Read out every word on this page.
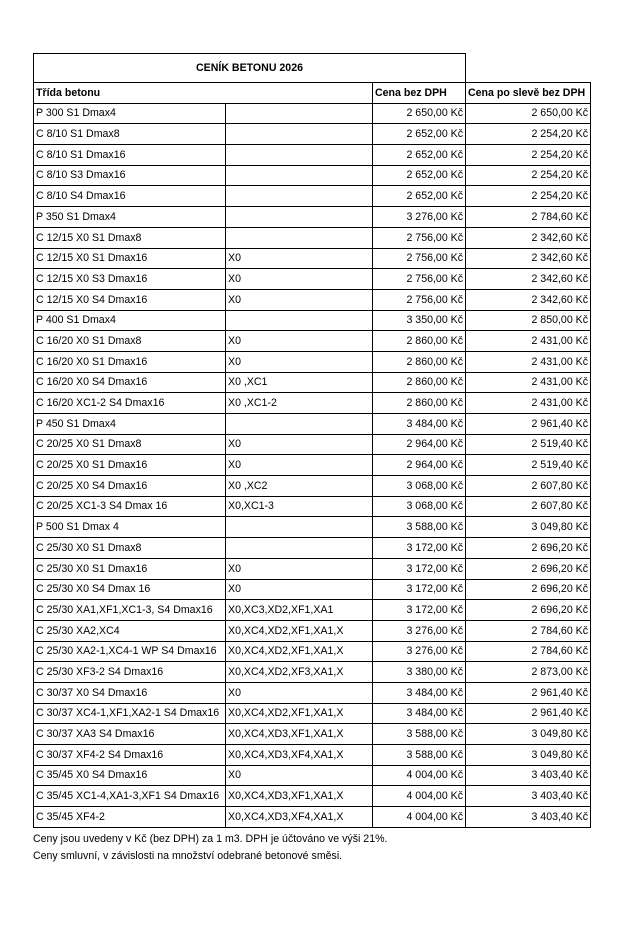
CENÍK BETONU 2026			
Třída betonu		Cena bez DPH	Cena po slevě bez DPH
P 300 S1 Dmax4		2 650,00 Kč	2 650,00 Kč
C 8/10 S1 Dmax8		2 652,00 Kč	2 254,20 Kč
C 8/10 S1 Dmax16		2 652,00 Kč	2 254,20 Kč
C 8/10 S3 Dmax16		2 652,00 Kč	2 254,20 Kč
C 8/10 S4 Dmax16		2 652,00 Kč	2 254,20 Kč
P 350 S1 Dmax4		3 276,00 Kč	2 784,60 Kč
C 12/15 X0 S1 Dmax8		2 756,00 Kč	2 342,60 Kč
C 12/15 X0 S1 Dmax16	X0	2 756,00 Kč	2 342,60 Kč
C 12/15 X0 S3 Dmax16	X0	2 756,00 Kč	2 342,60 Kč
C 12/15 X0 S4 Dmax16	X0	2 756,00 Kč	2 342,60 Kč
P 400 S1 Dmax4		3 350,00 Kč	2 850,00 Kč
C 16/20 X0 S1 Dmax8	X0	2 860,00 Kč	2 431,00 Kč
C 16/20 X0 S1 Dmax16	X0	2 860,00 Kč	2 431,00 Kč
C 16/20 X0 S4 Dmax16	X0 ,XC1	2 860,00 Kč	2 431,00 Kč
C 16/20 XC1-2 S4 Dmax16	X0 ,XC1-2	2 860,00 Kč	2 431,00 Kč
P 450 S1 Dmax4		3 484,00 Kč	2 961,40 Kč
C 20/25 X0 S1 Dmax8	X0	2 964,00 Kč	2 519,40 Kč
C 20/25 X0 S1 Dmax16	X0	2 964,00 Kč	2 519,40 Kč
C 20/25 X0 S4 Dmax16	X0 ,XC2	3 068,00 Kč	2 607,80 Kč
C 20/25 XC1-3 S4 Dmax 16	X0,XC1-3	3 068,00 Kč	2 607,80 Kč
P 500 S1 Dmax 4		3 588,00 Kč	3 049,80 Kč
C 25/30 X0 S1 Dmax8		3 172,00 Kč	2 696,20 Kč
C 25/30 X0 S1 Dmax16	X0	3 172,00 Kč	2 696,20 Kč
C 25/30 X0 S4 Dmax 16	X0	3 172,00 Kč	2 696,20 Kč
C 25/30 XA1,XF1,XC1-3, S4 Dmax16	X0,XC3,XD2,XF1,XA1	3 172,00 Kč	2 696,20 Kč
C 25/30 XA2,XC4	X0,XC4,XD2,XF1,XA1,X	3 276,00 Kč	2 784,60 Kč
C 25/30 XA2-1,XC4-1 WP S4 Dmax16	X0,XC4,XD2,XF1,XA1,X	3 276,00 Kč	2 784,60 Kč
C 25/30 XF3-2 S4 Dmax16	X0,XC4,XD2,XF3,XA1,X	3 380,00 Kč	2 873,00 Kč
C 30/37 X0 S4 Dmax16	X0	3 484,00 Kč	2 961,40 Kč
C 30/37 XC4-1,XF1,XA2-1 S4 Dmax16	X0,XC4,XD2,XF1,XA1,X	3 484,00 Kč	2 961,40 Kč
C 30/37 XA3 S4 Dmax16	X0,XC4,XD3,XF1,XA1,X	3 588,00 Kč	3 049,80 Kč
C 30/37 XF4-2 S4 Dmax16	X0,XC4,XD3,XF4,XA1,X	3 588,00 Kč	3 049,80 Kč
C 35/45 X0 S4 Dmax16	X0	4 004,00 Kč	3 403,40 Kč
C 35/45 XC1-4,XA1-3,XF1 S4 Dmax16	X0,XC4,XD3,XF1,XA1,X	4 004,00 Kč	3 403,40 Kč
C 35/45 XF4-2	X0,XC4,XD3,XF4,XA1,X	4 004,00 Kč	3 403,40 Kč
Ceny jsou uvedeny v Kč (bez DPH) za 1 m3. DPH je účtováno ve výši 21%.
Ceny smluvní, v závislosti na množství odebrané betonové směsi.
